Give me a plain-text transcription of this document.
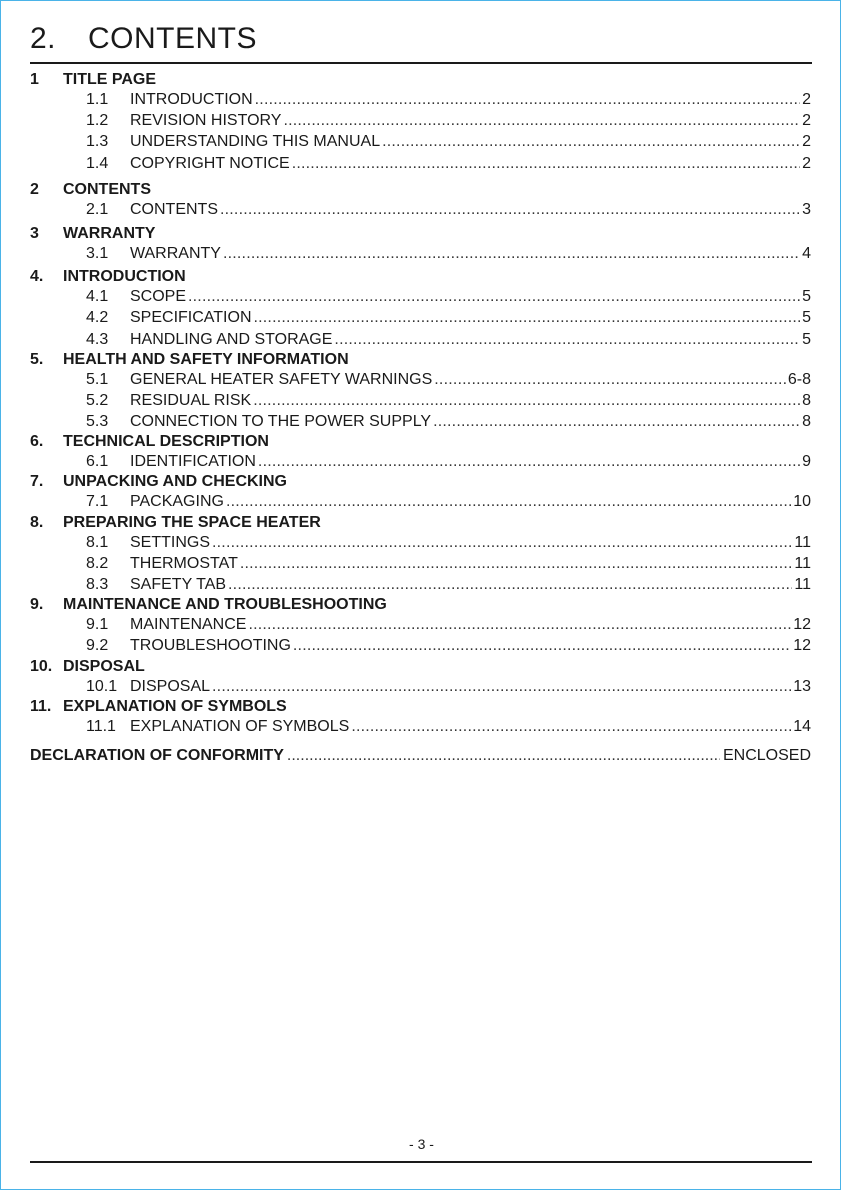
2. CONTENTS
1	TITLE PAGE
1.1	INTRODUCTION .....	2
1.2	REVISION HISTORY .....	2
1.3	UNDERSTANDING THIS MANUAL .....	2
1.4	COPYRIGHT NOTICE .....	2
2	CONTENTS
2.1	CONTENTS .....	3
3	WARRANTY
3.1	WARRANTY .....	4
4.	INTRODUCTION
4.1	SCOPE .....	5
4.2	SPECIFICATION .....	5
4.3	HANDLING AND STORAGE .....	5
5.	HEALTH AND SAFETY INFORMATION
5.1	GENERAL HEATER SAFETY WARNINGS .....	6-8
5.2	RESIDUAL RISK .....	8
5.3	CONNECTION TO THE POWER SUPPLY .....	8
6.	TECHNICAL DESCRIPTION
6.1	IDENTIFICATION .....	9
7.	UNPACKING AND CHECKING
7.1	PACKAGING .....	10
8.	PREPARING THE SPACE HEATER
8.1	SETTINGS .....	11
8.2	THERMOSTAT .....	11
8.3	SAFETY TAB .....	11
9.	MAINTENANCE AND TROUBLESHOOTING
9.1	MAINTENANCE .....	12
9.2	TROUBLESHOOTING .....	12
10. DISPOSAL
10.1 DISPOSAL .....	13
11. EXPLANATION OF SYMBOLS
11.1 EXPLANATION OF SYMBOLS .....	14
DECLARATION OF CONFORMITY .....	ENCLOSED
- 3 -
